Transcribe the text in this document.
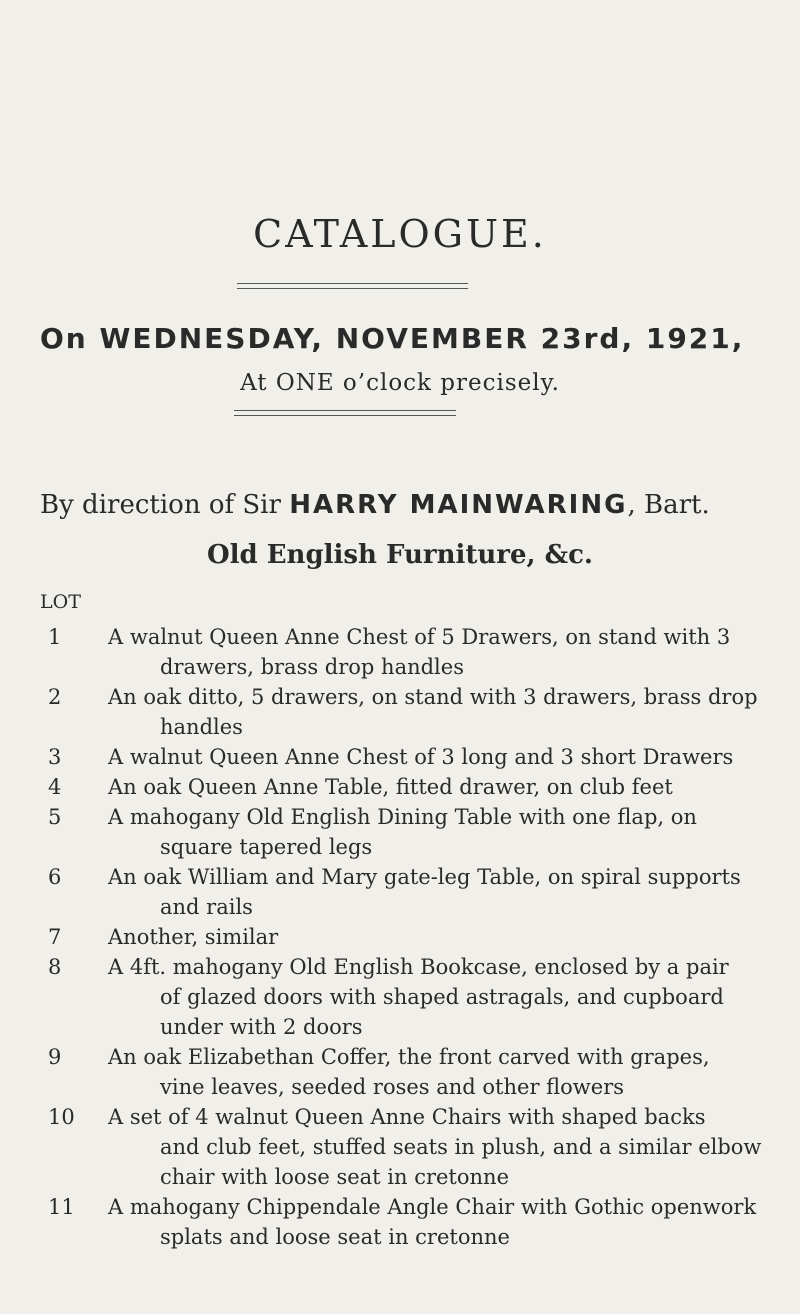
CATALOGUE.
On WEDNESDAY, NOVEMBER 23rd, 1921,
At ONE o’clock precisely.
By direction of Sir HARRY MAINWARING, Bart.
Old English Furniture, &c.
LOT
1	A walnut Queen Anne Chest of 5 Drawers, on stand with 3
drawers, brass drop handles
2	An oak ditto, 5 drawers, on stand with 3 drawers, brass drop
handles
3	A walnut Queen Anne Chest of 3 long and 3 short Drawers
4	An oak Queen Anne Table, fitted drawer, on club feet
5	A mahogany Old English Dining Table with one flap, on
square tapered legs
6	An oak William and Mary gate-leg Table, on spiral supports
and rails
7	Another, similar
8	A 4ft. mahogany Old English Bookcase, enclosed by a pair
of glazed doors with shaped astragals, and cupboard
under with 2 doors
9	An oak Elizabethan Coffer, the front carved with grapes,
vine leaves, seeded roses and other flowers
10	A set of 4 walnut Queen Anne Chairs with shaped backs
and club feet, stuffed seats in plush, and a similar elbow
chair with loose seat in cretonne
11	A mahogany Chippendale Angle Chair with Gothic openwork
splats and loose seat in cretonne
